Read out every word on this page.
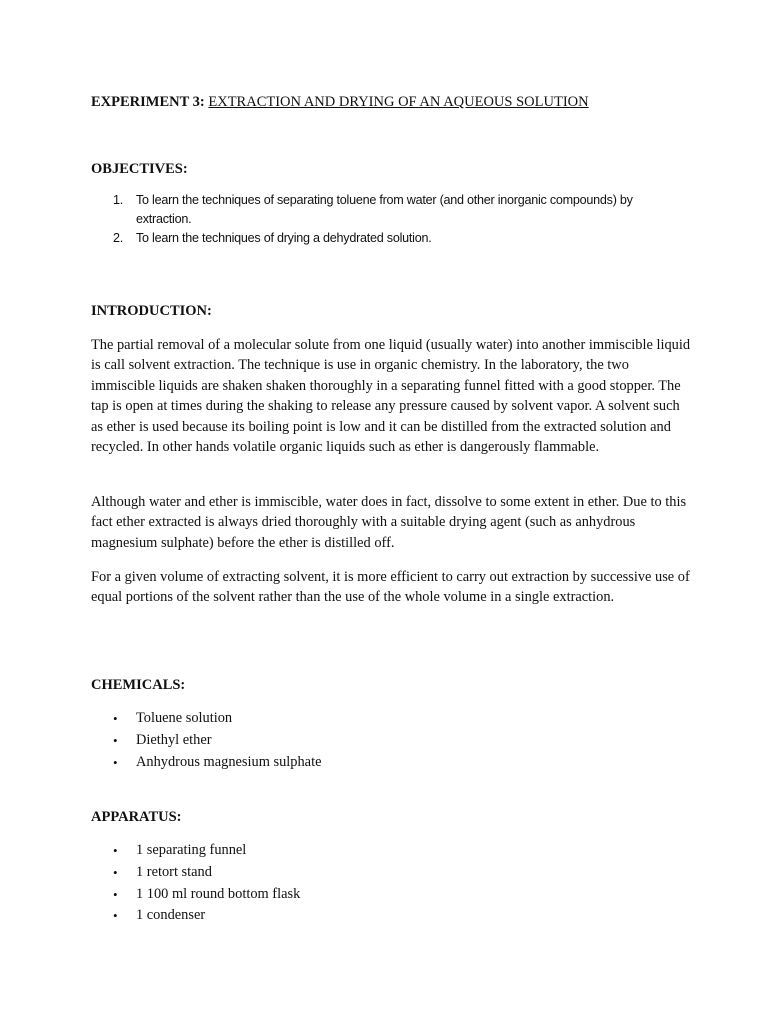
EXPERIMENT 3: EXTRACTION AND DRYING OF AN AQUEOUS SOLUTION
OBJECTIVES:
1. To learn the techniques of separating toluene from water (and other inorganic compounds) by extraction.
2. To learn the techniques of drying a dehydrated solution.
INTRODUCTION:
The partial removal of a molecular solute from one liquid (usually water) into another immiscible liquid is call solvent extraction. The technique is use in organic chemistry. In the laboratory, the two immiscible liquids are shaken shaken thoroughly in a separating funnel fitted with a good stopper. The tap is open at times during the shaking to release any pressure caused by solvent vapor. A solvent such as ether is used because its boiling point is low and it can be distilled from the extracted solution and recycled. In other hands volatile organic liquids such as ether is dangerously flammable.
Although water and ether is immiscible, water does in fact, dissolve to some extent in ether. Due to this fact ether extracted is always dried thoroughly with a suitable drying agent (such as anhydrous magnesium sulphate) before the ether is distilled off.
For a given volume of extracting solvent, it is more efficient to carry out extraction by successive use of equal portions of the solvent rather than the use of the whole volume in a single extraction.
CHEMICALS:
• Toluene solution
• Diethyl ether
• Anhydrous magnesium sulphate
APPARATUS:
• 1 separating funnel
• 1 retort stand
• 1 100 ml round bottom flask
• 1 condenser
